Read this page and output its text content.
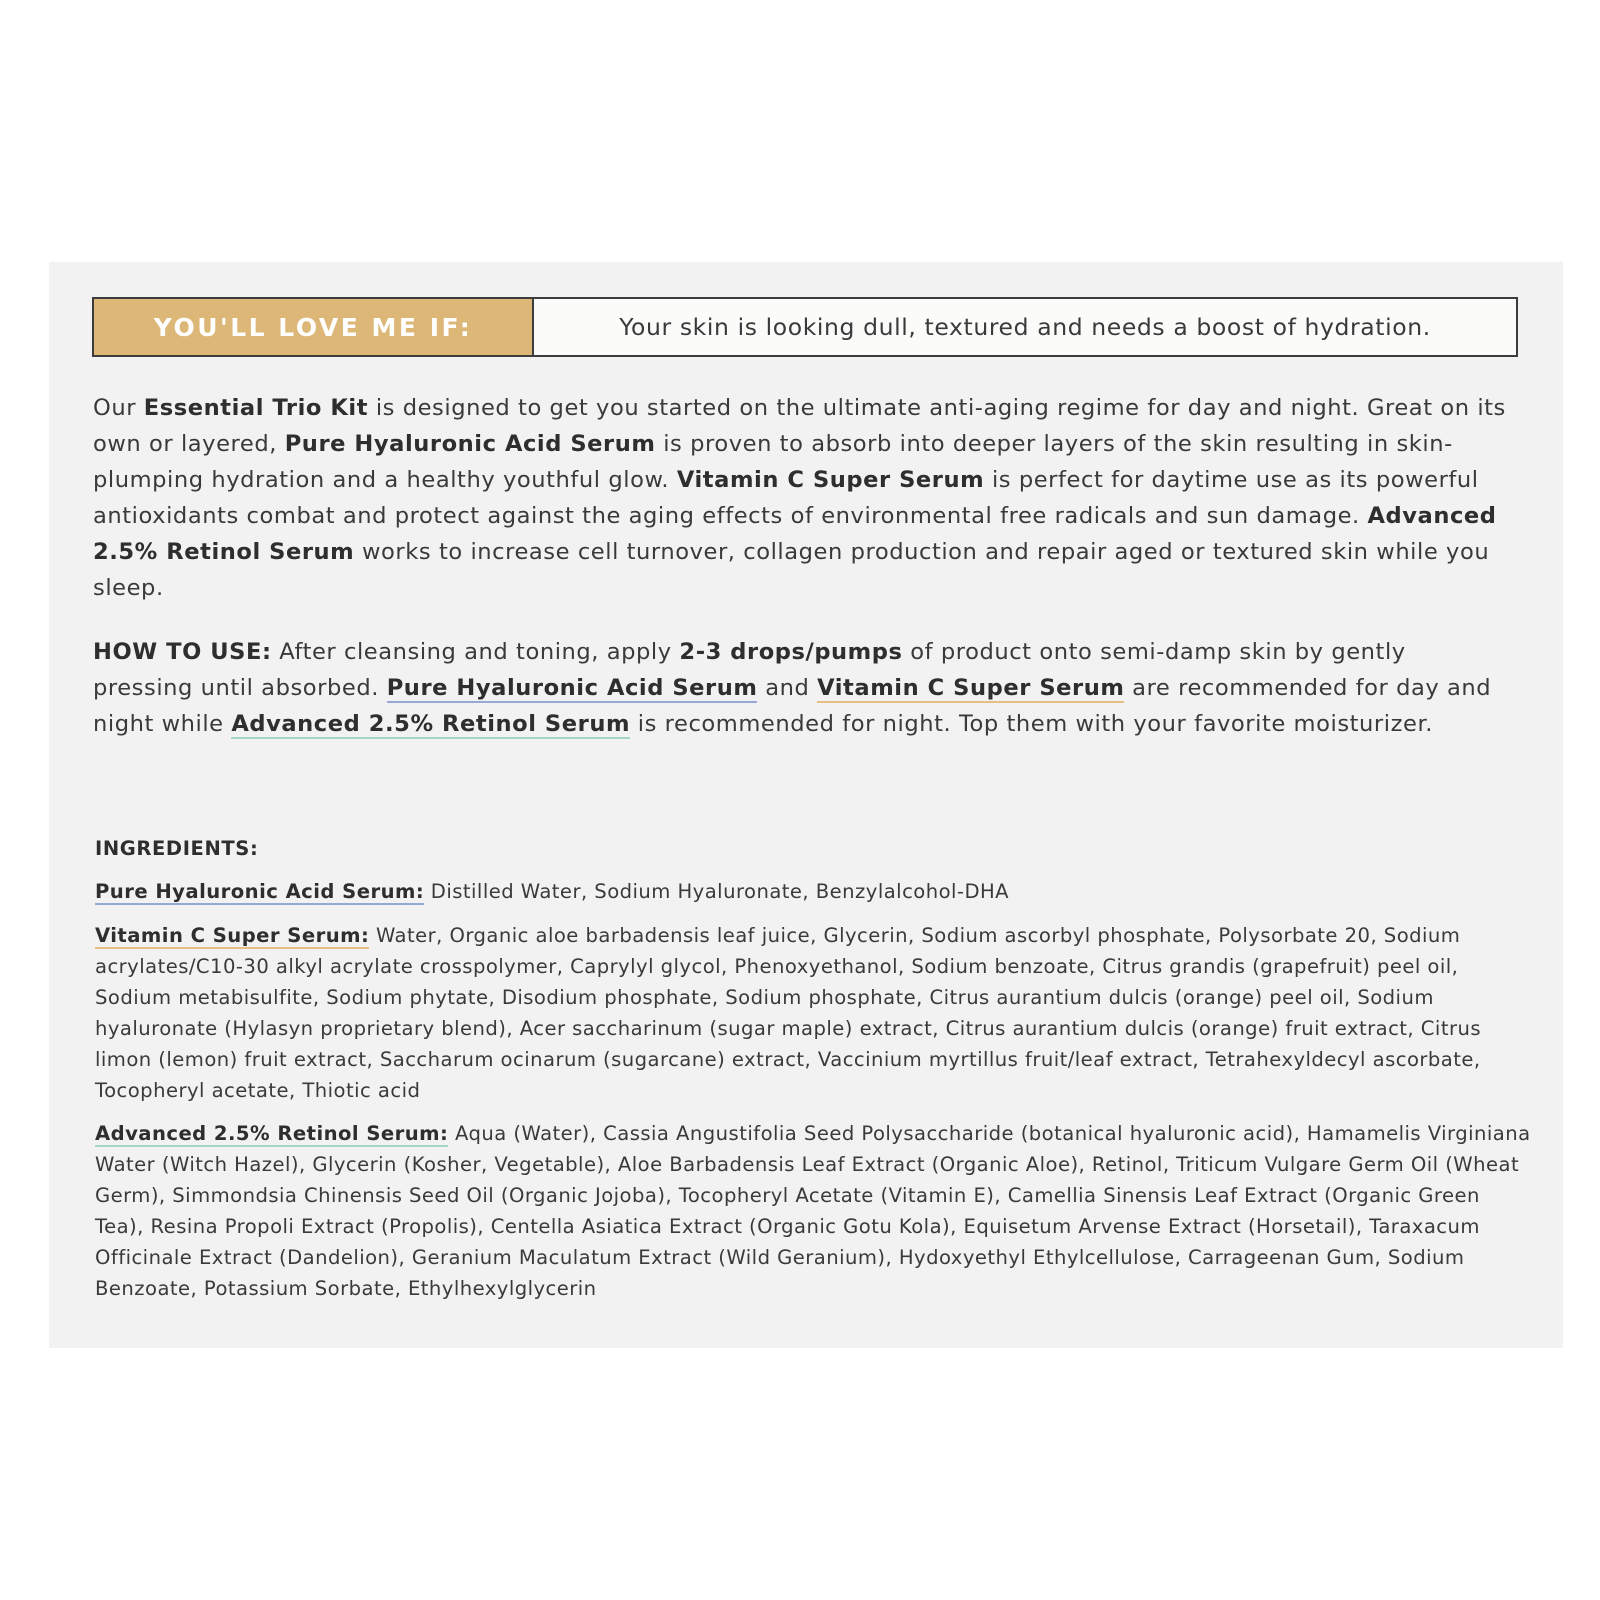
YOU'LL LOVE ME IF:	Your skin is looking dull, textured and needs a boost of hydration.

Our Essential Trio Kit is designed to get you started on the ultimate anti-aging regime for day and night. Great on its own or layered, Pure Hyaluronic Acid Serum is proven to absorb into deeper layers of the skin resulting in skin-plumping hydration and a healthy youthful glow. Vitamin C Super Serum is perfect for daytime use as its powerful antioxidants combat and protect against the aging effects of environmental free radicals and sun damage. Advanced 2.5% Retinol Serum works to increase cell turnover, collagen production and repair aged or textured skin while you sleep.

HOW TO USE: After cleansing and toning, apply 2-3 drops/pumps of product onto semi-damp skin by gently pressing until absorbed. Pure Hyaluronic Acid Serum and Vitamin C Super Serum are recommended for day and night while Advanced 2.5% Retinol Serum is recommended for night. Top them with your favorite moisturizer.

INGREDIENTS:

Pure Hyaluronic Acid Serum: Distilled Water, Sodium Hyaluronate, Benzylalcohol-DHA

Vitamin C Super Serum: Water, Organic aloe barbadensis leaf juice, Glycerin, Sodium ascorbyl phosphate, Polysorbate 20, Sodium acrylates/C10-30 alkyl acrylate crosspolymer, Caprylyl glycol, Phenoxyethanol, Sodium benzoate, Citrus grandis (grapefruit) peel oil, Sodium metabisulfite, Sodium phytate, Disodium phosphate, Sodium phosphate, Citrus aurantium dulcis (orange) peel oil, Sodium hyaluronate (Hylasyn proprietary blend), Acer saccharinum (sugar maple) extract, Citrus aurantium dulcis (orange) fruit extract, Citrus limon (lemon) fruit extract, Saccharum ocinarum (sugarcane) extract, Vaccinium myrtillus fruit/leaf extract, Tetrahexyldecyl ascorbate, Tocopheryl acetate, Thiotic acid

Advanced 2.5% Retinol Serum: Aqua (Water), Cassia Angustifolia Seed Polysaccharide (botanical hyaluronic acid), Hamamelis Virginiana Water (Witch Hazel), Glycerin (Kosher, Vegetable), Aloe Barbadensis Leaf Extract (Organic Aloe), Retinol, Triticum Vulgare Germ Oil (Wheat Germ), Simmondsia Chinensis Seed Oil (Organic Jojoba), Tocopheryl Acetate (Vitamin E), Camellia Sinensis Leaf Extract (Organic Green Tea), Resina Propoli Extract (Propolis), Centella Asiatica Extract (Organic Gotu Kola), Equisetum Arvense Extract (Horsetail), Taraxacum Officinale Extract (Dandelion), Geranium Maculatum Extract (Wild Geranium), Hydoxyethyl Ethylcellulose, Carrageenan Gum, Sodium Benzoate, Potassium Sorbate, Ethylhexylglycerin
